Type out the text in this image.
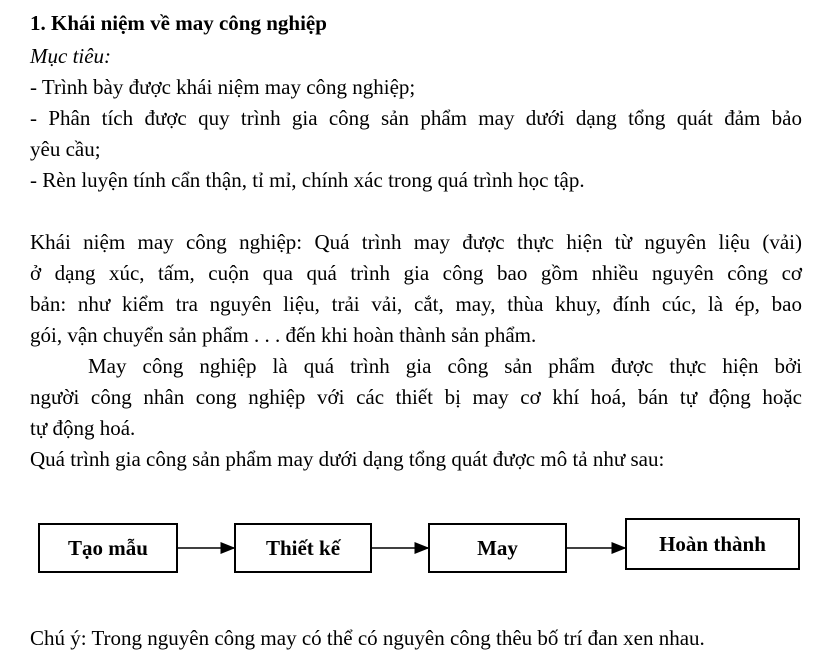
1. Khái niệm về may công nghiệp
Mục tiêu:
- Trình bày được khái niệm may công nghiệp;
- Phân tích được quy trình gia công sản phẩm may dưới dạng tổng quát đảm bảo
yêu cầu;
- Rèn luyện tính cẩn thận, tỉ mỉ, chính xác trong quá trình học tập.
Khái niệm may công nghiệp: Quá trình may được thực hiện từ nguyên liệu (vải)
ở dạng xúc, tấm, cuộn qua quá trình gia công bao gồm nhiều nguyên công cơ
bản: như kiểm tra nguyên liệu, trải vải, cắt, may, thùa khuy, đính cúc, là ép, bao
gói, vận chuyển sản phẩm . . . đến khi hoàn thành sản phẩm.
May công nghiệp là quá trình gia công sản phẩm được thực hiện bởi
người công nhân cong nghiệp với các thiết bị may cơ khí hoá, bán tự động hoặc
tự động hoá.
Quá trình gia công sản phẩm may dưới dạng tổng quát được mô tả như sau:
Chú ý: Trong nguyên công may có thể có nguyên công thêu bố trí đan xen nhau.
Tạo mẫu	Thiết kế	May	Hoàn thành
